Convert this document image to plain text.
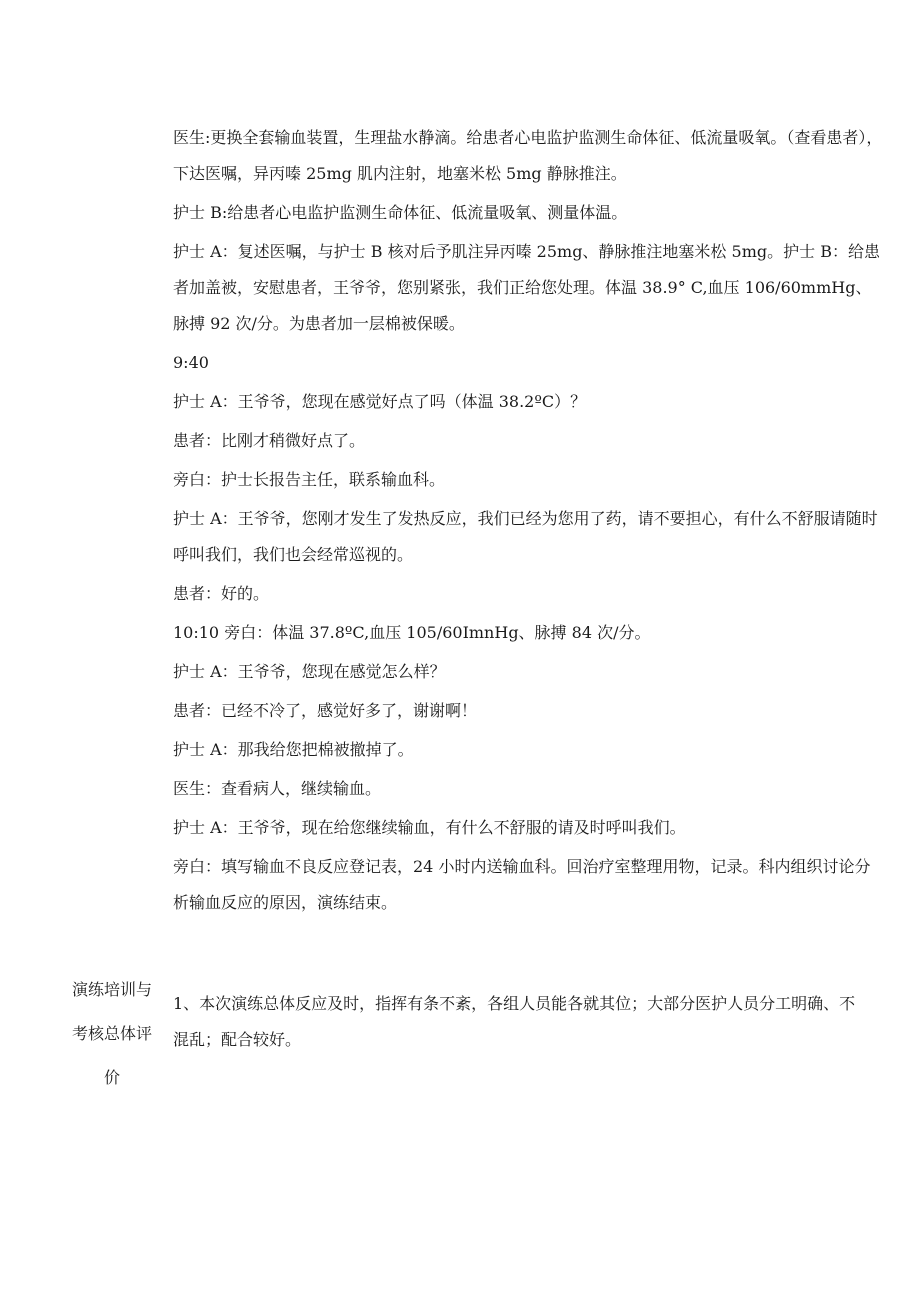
医生:更换全套输血装置，生理盐水静滴。给患者心电监护监测生命体征、低流量吸氧。（查看患者），下达医嘱，异丙嗪 25mg 肌内注射，地塞米松 5mg 静脉推注。

护士 B:给患者心电监护监测生命体征、低流量吸氧、测量体温。

护士 A：复述医嘱，与护士 B 核对后予肌注异丙嗪 25mg、静脉推注地塞米松 5mg。护士 B：给患者加盖被，安慰患者，王爷爷，您别紧张，我们正给您处理。体温 38.9° C,血压 106/60mmHg、脉搏 92 次/分。为患者加一层棉被保暖。

9:40

护士 A：王爷爷，您现在感觉好点了吗（体温 38.2ºC）？

患者：比刚才稍微好点了。

旁白：护士长报告主任，联系输血科。

护士 A：王爷爷，您刚才发生了发热反应，我们已经为您用了药，请不要担心，有什么不舒服请随时呼叫我们，我们也会经常巡视的。

患者：好的。

10:10 旁白：体温 37.8ºC,血压 105/60ImnHg、脉搏 84 次/分。

护士 A：王爷爷，您现在感觉怎么样？

患者：已经不冷了，感觉好多了，谢谢啊！

护士 A：那我给您把棉被撤掉了。

医生：查看病人，继续输血。

护士 A：王爷爷，现在给您继续输血，有什么不舒服的请及时呼叫我们。

旁白：填写输血不良反应登记表，24 小时内送输血科。回治疗室整理用物，记录。科内组织讨论分析输血反应的原因，演练结束。

演练培训与
考核总体评
价
1、本次演练总体反应及时，指挥有条不紊，各组人员能各就其位；大部分医护人员分工明确、不混乱；配合较好。
